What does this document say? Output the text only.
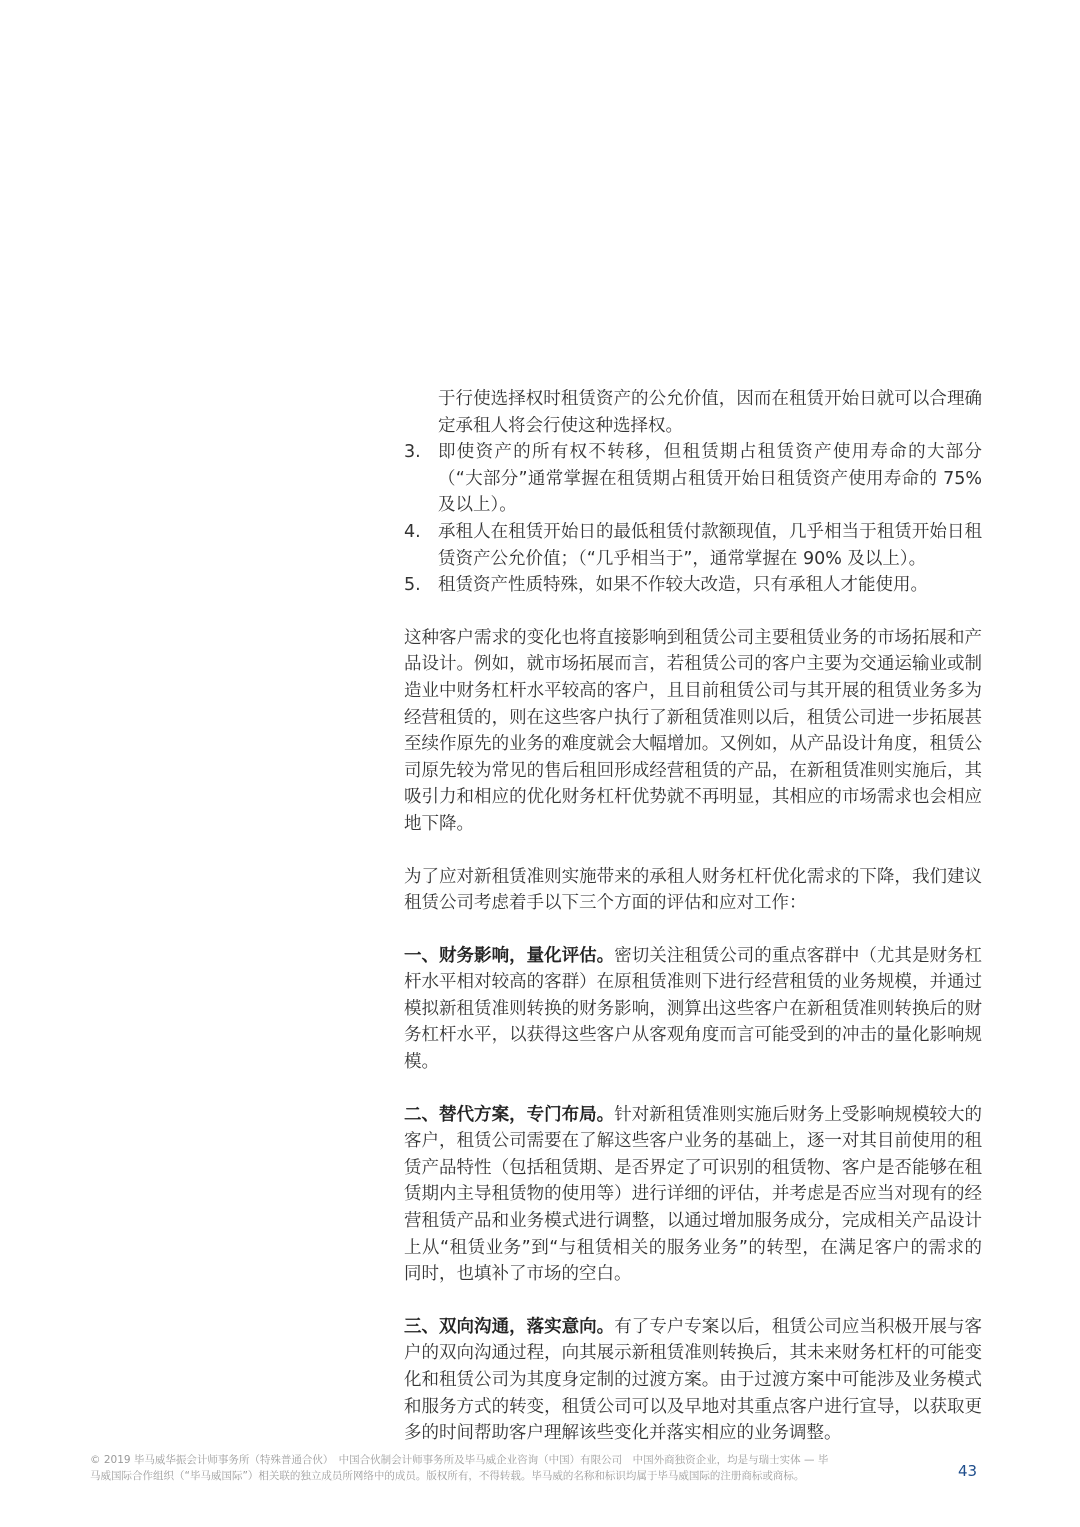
于行使选择权时租赁资产的公允价值，因而在租赁开始日就可以合理确定承租人将会行使这种选择权。
3. 即使资产的所有权不转移，但租赁期占租赁资产使用寿命的大部分（“大部分”通常掌握在租赁期占租赁开始日租赁资产使用寿命的 75% 及以上）。
4. 承租人在租赁开始日的最低租赁付款额现值，几乎相当于租赁开始日租赁资产公允价值；（“几乎相当于”，通常掌握在 90% 及以上）。
5. 租赁资产性质特殊，如果不作较大改造，只有承租人才能使用。

这种客户需求的变化也将直接影响到租赁公司主要租赁业务的市场拓展和产品设计。例如，就市场拓展而言，若租赁公司的客户主要为交通运输业或制造业中财务杠杆水平较高的客户，且目前租赁公司与其开展的租赁业务多为经营租赁的，则在这些客户执行了新租赁准则以后，租赁公司进一步拓展甚至续作原先的业务的难度就会大幅增加。又例如，从产品设计角度，租赁公司原先较为常见的售后租回形成经营租赁的产品，在新租赁准则实施后，其吸引力和相应的优化财务杠杆优势就不再明显，其相应的市场需求也会相应地下降。

为了应对新租赁准则实施带来的承租人财务杠杆优化需求的下降，我们建议租赁公司考虑着手以下三个方面的评估和应对工作：

一、财务影响，量化评估。密切关注租赁公司的重点客群中（尤其是财务杠杆水平相对较高的客群）在原租赁准则下进行经营租赁的业务规模，并通过模拟新租赁准则转换的财务影响，测算出这些客户在新租赁准则转换后的财务杠杆水平，以获得这些客户从客观角度而言可能受到的冲击的量化影响规模。

二、替代方案，专门布局。针对新租赁准则实施后财务上受影响规模较大的客户，租赁公司需要在了解这些客户业务的基础上，逐一对其目前使用的租赁产品特性（包括租赁期、是否界定了可识别的租赁物、客户是否能够在租赁期内主导租赁物的使用等）进行详细的评估，并考虑是否应当对现有的经营租赁产品和业务模式进行调整，以通过增加服务成分，完成相关产品设计上从“租赁业务”到“与租赁相关的服务业务”的转型，在满足客户的需求的同时，也填补了市场的空白。

三、双向沟通，落实意向。有了专户专案以后，租赁公司应当积极开展与客户的双向沟通过程，向其展示新租赁准则转换后，其未来财务杠杆的可能变化和租赁公司为其度身定制的过渡方案。由于过渡方案中可能涉及业务模式和服务方式的转变，租赁公司可以及早地对其重点客户进行宣导，以获取更多的时间帮助客户理解该些变化并落实相应的业务调整。

© 2019 毕马威华振会计师事务所（特殊普通合伙）　中国合伙制会计师事务所及毕马威企业咨询（中国）有限公司　中国外商独资企业，均是与瑞士实体 — 毕马威国际合作组织（“毕马威国际”）相关联的独立成员所网络中的成员。版权所有，不得转载。毕马威的名称和标识均属于毕马威国际的注册商标或商标。	43
